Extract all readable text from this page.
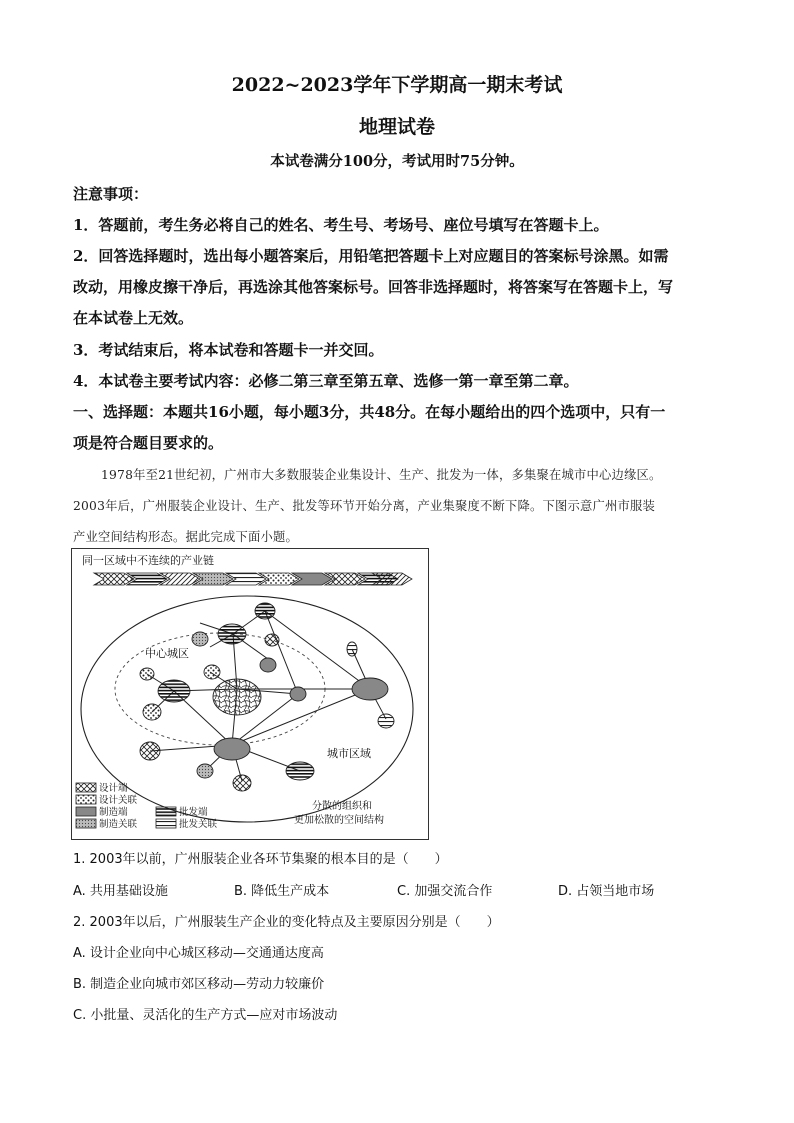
2022~2023学年下学期高一期末考试
地理试卷
本试卷满分100分，考试用时75分钟。
注意事项：
1．答题前，考生务必将自己的姓名、考生号、考场号、座位号填写在答题卡上。
2．回答选择题时，选出每小题答案后，用铅笔把答题卡上对应题目的答案标号涂黑。如需
改动，用橡皮擦干净后，再选涂其他答案标号。回答非选择题时，将答案写在答题卡上，写
在本试卷上无效。
3．考试结束后，将本试卷和答题卡一并交回。
4．本试卷主要考试内容：必修二第三章至第五章、选修一第一章至第二章。
一、选择题：本题共16小题，每小题3分，共48分。在每小题给出的四个选项中，只有一
项是符合题目要求的。
1978年至21世纪初，广州市大多数服装企业集设计、生产、批发为一体，多集聚在城市中心边缘区。
2003年后，广州服装企业设计、生产、批发等环节开始分离，产业集聚度不断下降。下图示意广州市服装
产业空间结构形态。据此完成下面小题。
同一区域中不连续的产业链
中心城区
城市区域
分散的组织和
更加松散的空间结构
设计端
设计关联
制造端
制造关联
批发端
批发关联
1. 2003年以前，广州服装企业各环节集聚的根本目的是（　　）
A. 共用基础设施	B. 降低生产成本	C. 加强交流合作	D. 占领当地市场
2. 2003年以后，广州服装生产企业的变化特点及主要原因分别是（　　）
A. 设计企业向中心城区移动—交通通达度高
B. 制造企业向城市郊区移动—劳动力较廉价
C. 小批量、灵活化的生产方式—应对市场波动
